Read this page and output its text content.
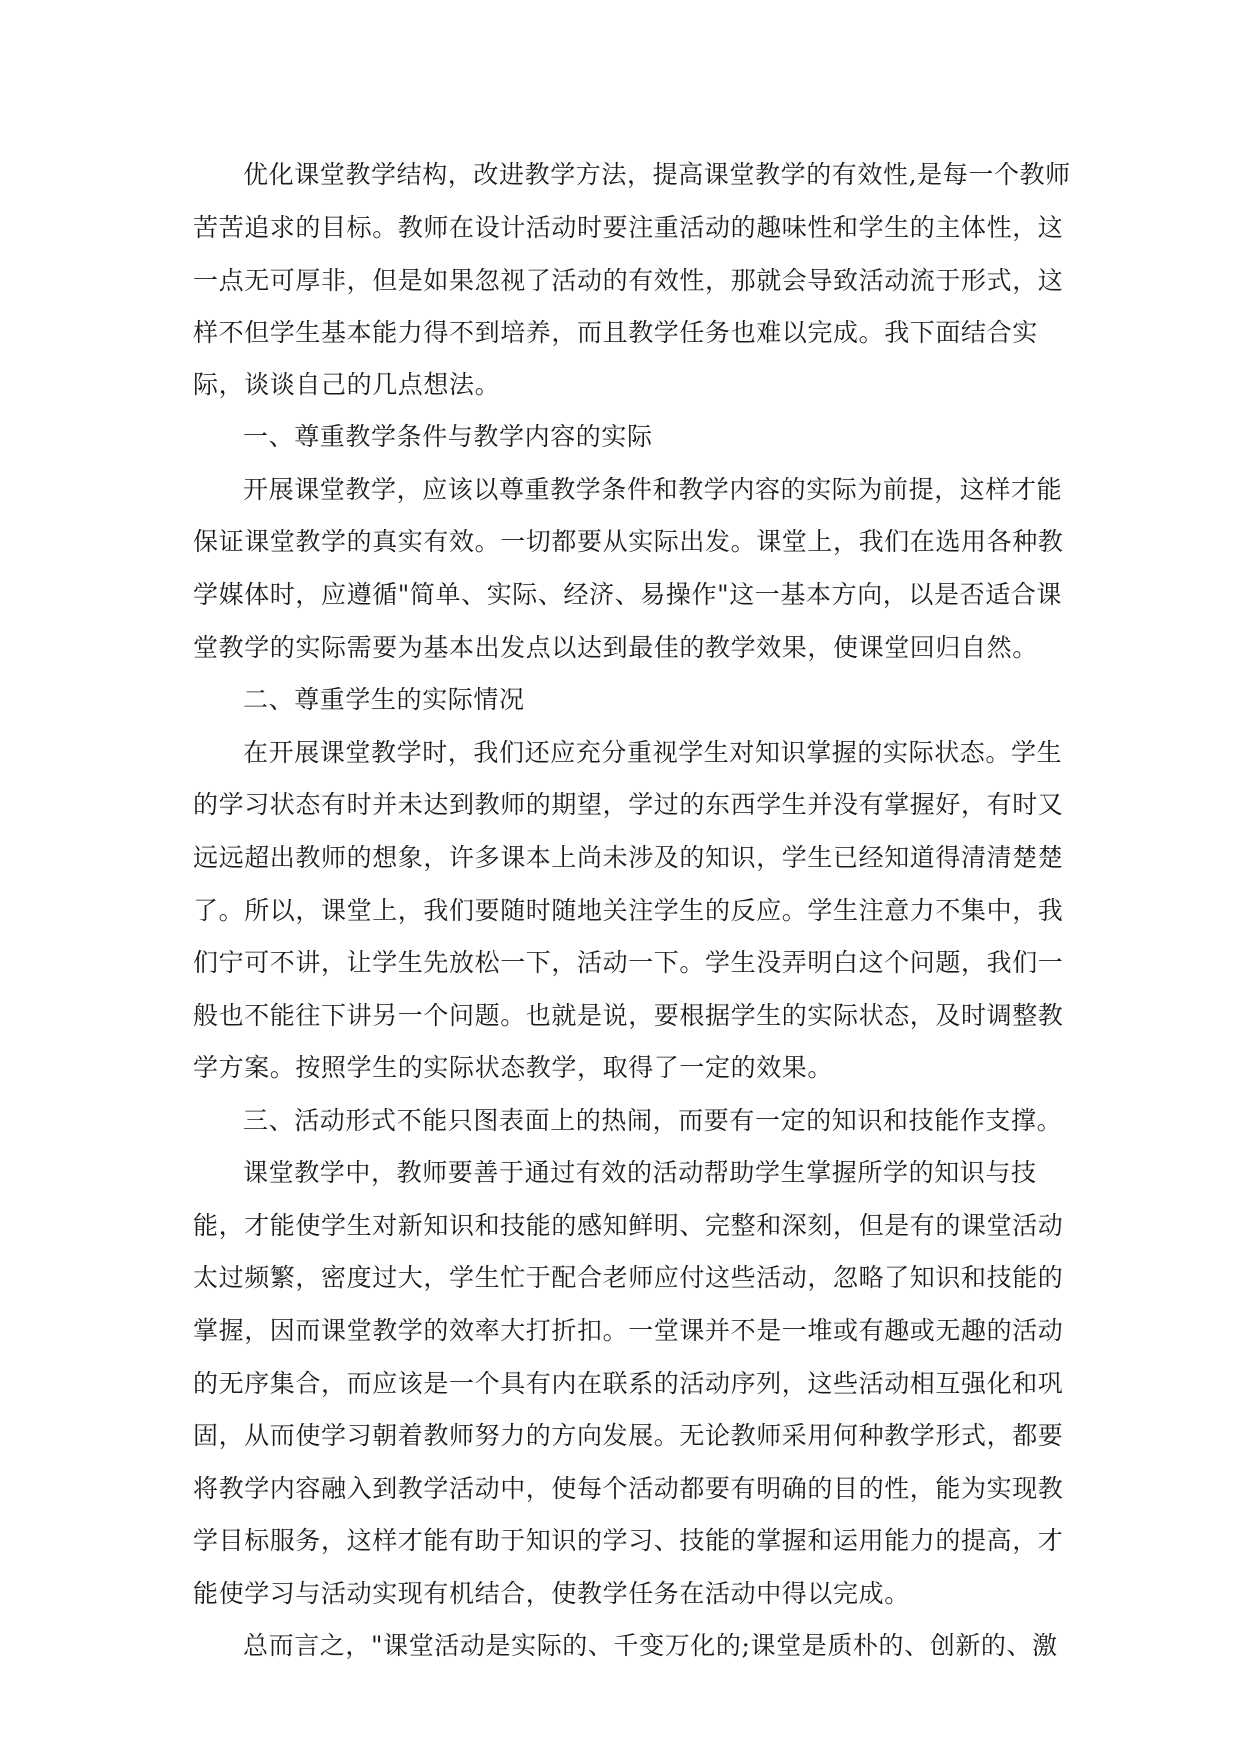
优化课堂教学结构，改进教学方法，提高课堂教学的有效性,是每一个教师
苦苦追求的目标。教师在设计活动时要注重活动的趣味性和学生的主体性，这
一点无可厚非，但是如果忽视了活动的有效性，那就会导致活动流于形式，这
样不但学生基本能力得不到培养，而且教学任务也难以完成。我下面结合实
际，谈谈自己的几点想法。
一、尊重教学条件与教学内容的实际
开展课堂教学，应该以尊重教学条件和教学内容的实际为前提，这样才能
保证课堂教学的真实有效。一切都要从实际出发。课堂上，我们在选用各种教
学媒体时，应遵循"简单、实际、经济、易操作"这一基本方向，以是否适合课
堂教学的实际需要为基本出发点以达到最佳的教学效果，使课堂回归自然。
二、尊重学生的实际情况
在开展课堂教学时，我们还应充分重视学生对知识掌握的实际状态。学生
的学习状态有时并未达到教师的期望，学过的东西学生并没有掌握好，有时又
远远超出教师的想象，许多课本上尚未涉及的知识，学生已经知道得清清楚楚
了。所以，课堂上，我们要随时随地关注学生的反应。学生注意力不集中，我
们宁可不讲，让学生先放松一下，活动一下。学生没弄明白这个问题，我们一
般也不能往下讲另一个问题。也就是说，要根据学生的实际状态，及时调整教
学方案。按照学生的实际状态教学，取得了一定的效果。
三、活动形式不能只图表面上的热闹，而要有一定的知识和技能作支撑。
课堂教学中，教师要善于通过有效的活动帮助学生掌握所学的知识与技
能，才能使学生对新知识和技能的感知鲜明、完整和深刻，但是有的课堂活动
太过频繁，密度过大，学生忙于配合老师应付这些活动，忽略了知识和技能的
掌握，因而课堂教学的效率大打折扣。一堂课并不是一堆或有趣或无趣的活动
的无序集合，而应该是一个具有内在联系的活动序列，这些活动相互强化和巩
固，从而使学习朝着教师努力的方向发展。无论教师采用何种教学形式，都要
将教学内容融入到教学活动中，使每个活动都要有明确的目的性，能为实现教
学目标服务，这样才能有助于知识的学习、技能的掌握和运用能力的提高，才
能使学习与活动实现有机结合，使教学任务在活动中得以完成。
总而言之，"课堂活动是实际的、千变万化的;课堂是质朴的、创新的、激
